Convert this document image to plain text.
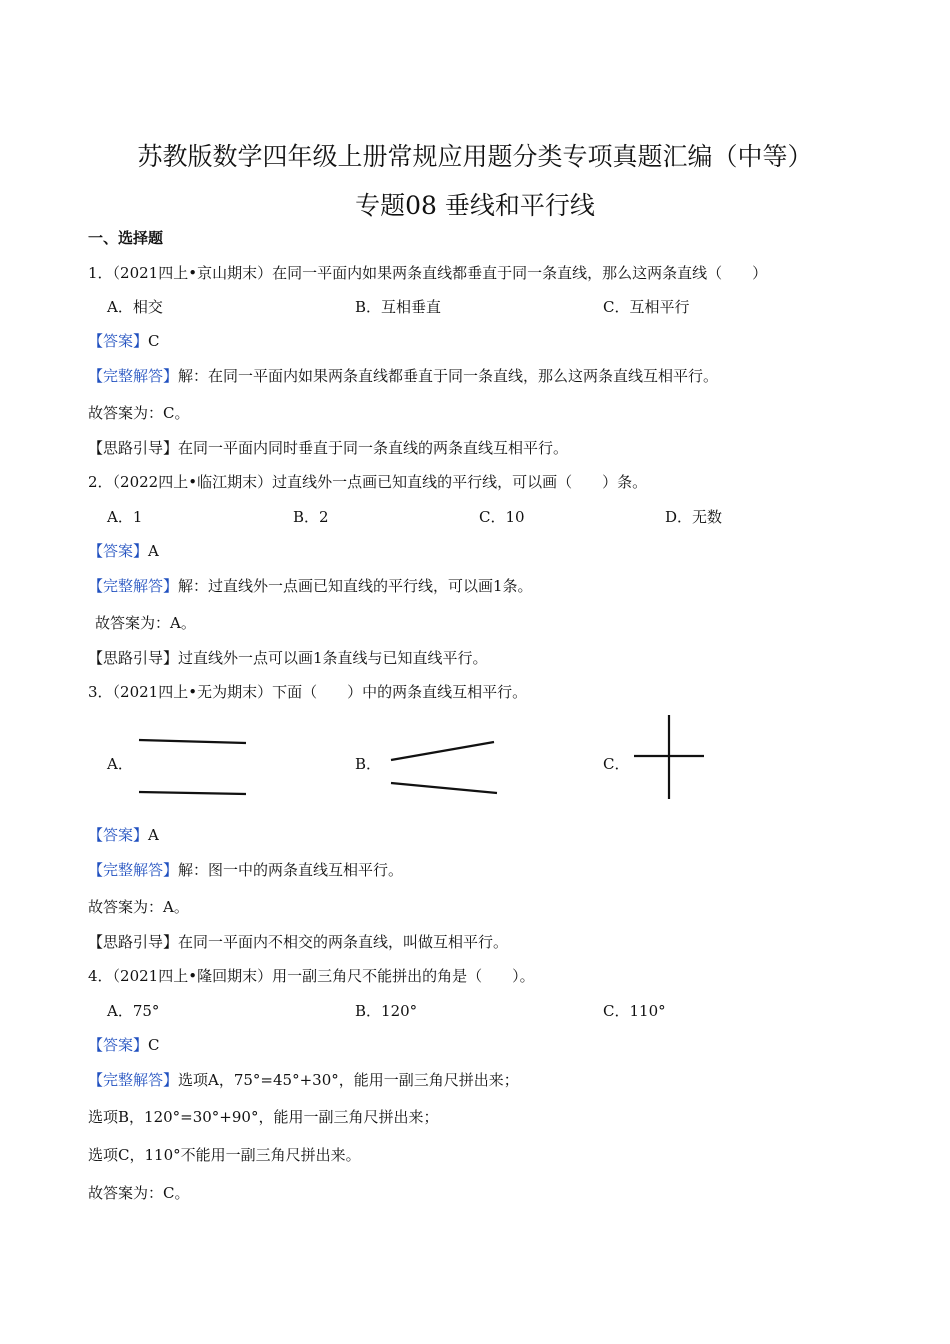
苏教版数学四年级上册常规应用题分类专项真题汇编（中等）
专题08 垂线和平行线
一、选择题
1．（2021四上•京山期末）在同一平面内如果两条直线都垂直于同一条直线，那么这两条直线（　　）
A．相交	B．互相垂直	C．互相平行
【答案】C
【完整解答】解：在同一平面内如果两条直线都垂直于同一条直线，那么这两条直线互相平行。
故答案为：C。
【思路引导】在同一平面内同时垂直于同一条直线的两条直线互相平行。
2．（2022四上•临江期末）过直线外一点画已知直线的平行线，可以画（　　）条。
A．1	B．2	C．10	D．无数
【答案】A
【完整解答】解：过直线外一点画已知直线的平行线，可以画1条。
故答案为：A。
【思路引导】过直线外一点可以画1条直线与已知直线平行。
3．（2021四上•无为期末）下面（　　）中的两条直线互相平行。
A．	B．	C．
【答案】A
【完整解答】解：图一中的两条直线互相平行。
故答案为：A。
【思路引导】在同一平面内不相交的两条直线，叫做互相平行。
4．（2021四上•隆回期末）用一副三角尺不能拼出的角是（　　）。
A．75°	B．120°	C．110°
【答案】C
【完整解答】选项A，75°=45°+30°，能用一副三角尺拼出来；
选项B，120°=30°+90°，能用一副三角尺拼出来；
选项C，110°不能用一副三角尺拼出来。
故答案为：C。
